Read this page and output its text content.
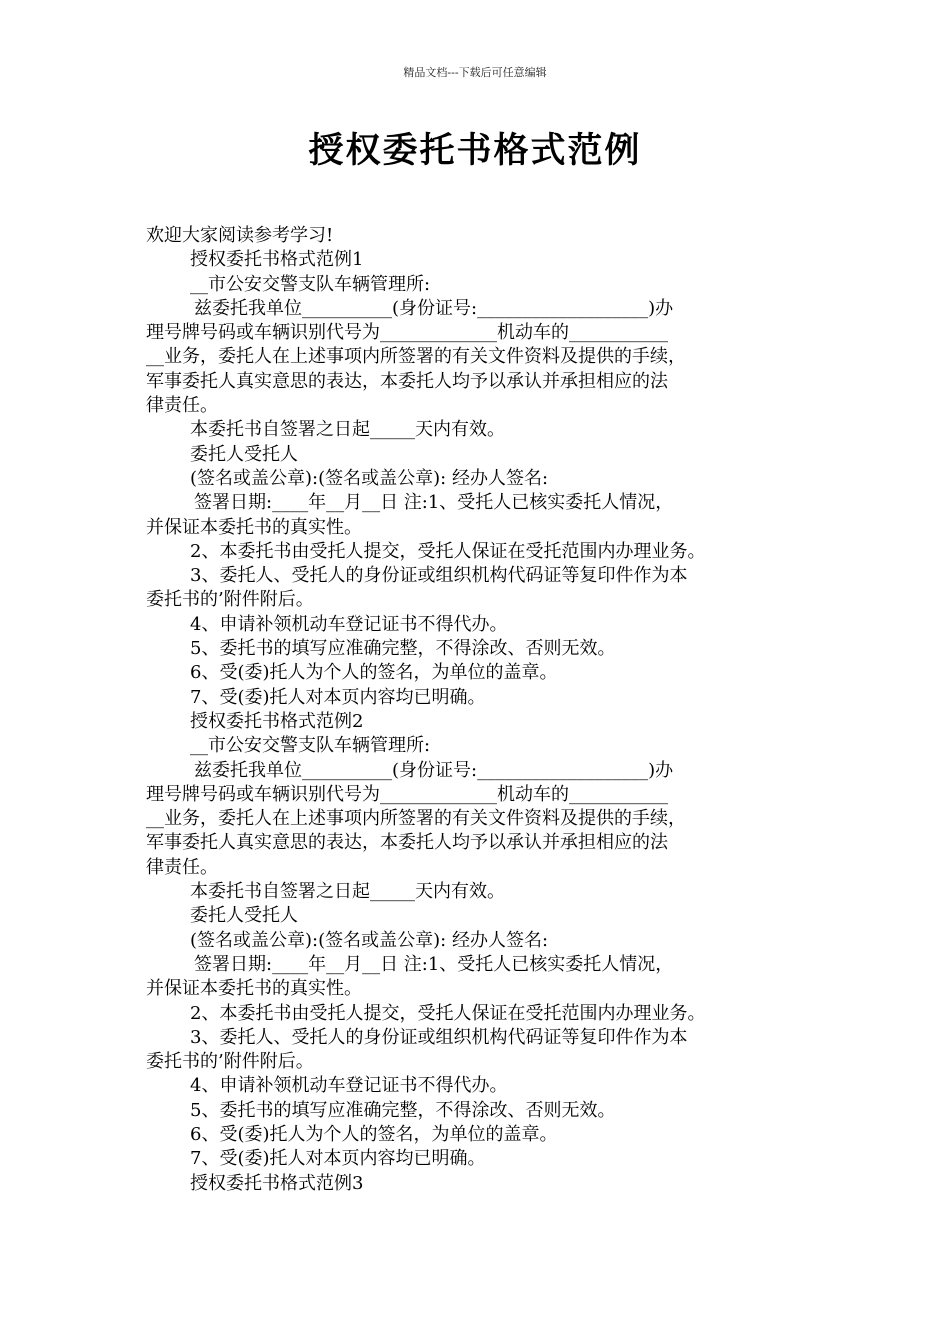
精品文档---下载后可任意编辑
授权委托书格式范例

欢迎大家阅读参考学习!

授权委托书格式范例1

__市公安交警支队车辆管理所:

兹委托我单位__________(身份证号:___________________)办

理号牌号码或车辆识别代号为_____________机动车的___________

__业务，委托人在上述事项内所签署的有关文件资料及提供的手续，

军事委托人真实意思的表达，本委托人均予以承认并承担相应的法

律责任。

本委托书自签署之日起_____天内有效。

委托人受托人

(签名或盖公章):(签名或盖公章): 经办人签名:

签署日期:____年__月__日 注:1、受托人已核实委托人情况，

并保证本委托书的真实性。

2、本委托书由受托人提交，受托人保证在受托范围内办理业务。

3、委托人、受托人的身份证或组织机构代码证等复印件作为本

委托书的’附件附后。

4、申请补领机动车登记证书不得代办。

5、委托书的填写应准确完整，不得涂改、否则无效。

6、受(委)托人为个人的签名，为单位的盖章。

7、受(委)托人对本页内容均已明确。

授权委托书格式范例2

__市公安交警支队车辆管理所:

兹委托我单位__________(身份证号:___________________)办

理号牌号码或车辆识别代号为_____________机动车的___________

__业务，委托人在上述事项内所签署的有关文件资料及提供的手续，

军事委托人真实意思的表达，本委托人均予以承认并承担相应的法

律责任。

本委托书自签署之日起_____天内有效。

委托人受托人

(签名或盖公章):(签名或盖公章): 经办人签名:

签署日期:____年__月__日 注:1、受托人已核实委托人情况，

并保证本委托书的真实性。

2、本委托书由受托人提交，受托人保证在受托范围内办理业务。

3、委托人、受托人的身份证或组织机构代码证等复印件作为本

委托书的’附件附后。

4、申请补领机动车登记证书不得代办。

5、委托书的填写应准确完整，不得涂改、否则无效。

6、受(委)托人为个人的签名，为单位的盖章。

7、受(委)托人对本页内容均已明确。

授权委托书格式范例3
